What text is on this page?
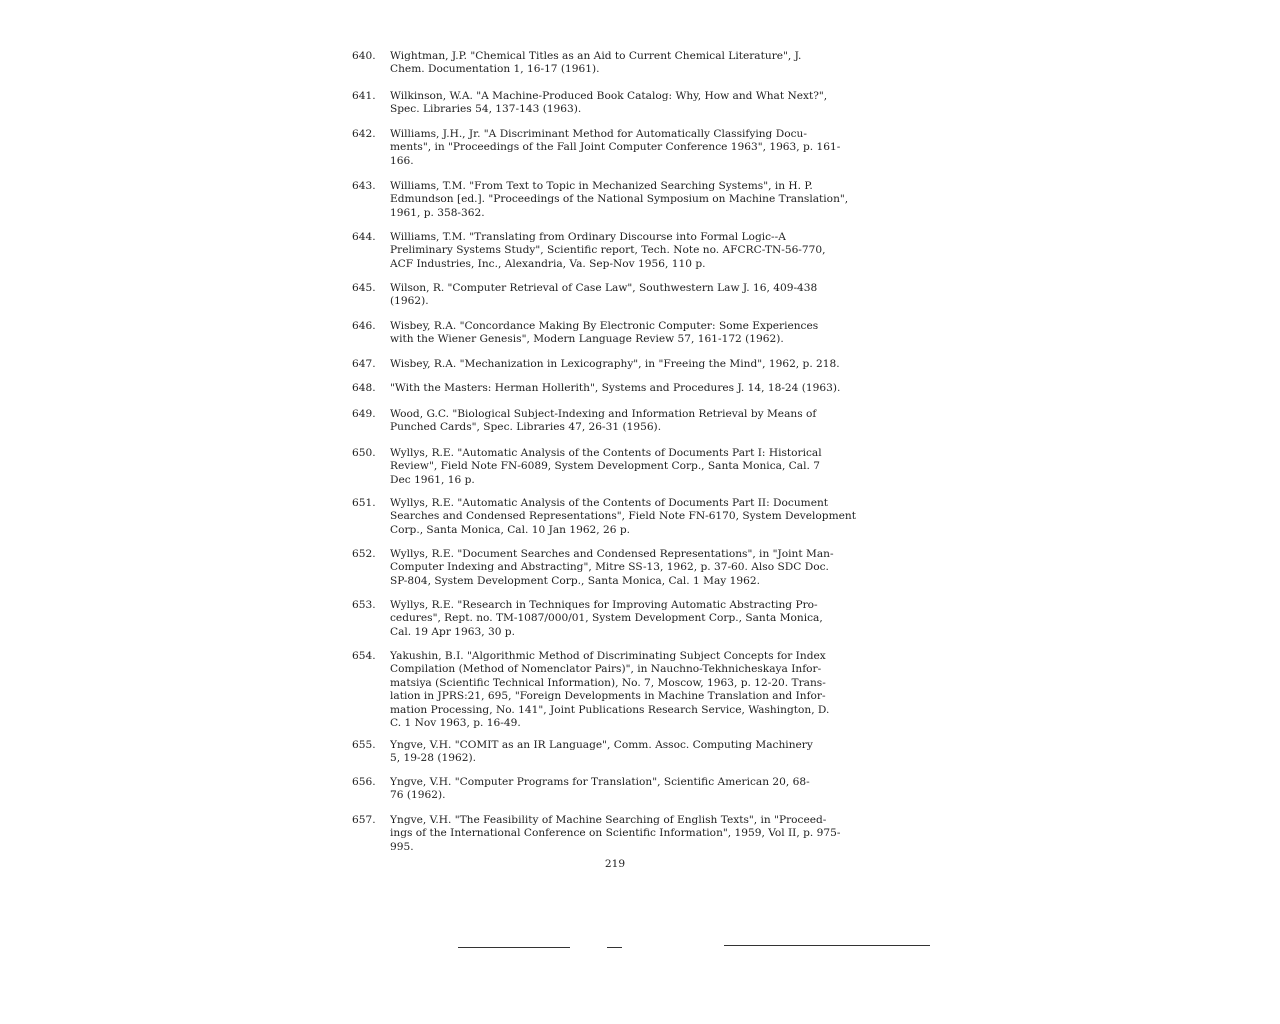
640.	Wightman, J.P. "Chemical Titles as an Aid to Current Chemical Literature", J.
Chem. Documentation 1, 16-17 (1961).
641.	Wilkinson, W.A. "A Machine-Produced Book Catalog: Why, How and What Next?",
Spec. Libraries 54, 137-143 (1963).
642.	Williams, J.H., Jr. "A Discriminant Method for Automatically Classifying Docu-
ments", in "Proceedings of the Fall Joint Computer Conference 1963", 1963, p. 161-
166.
643.	Williams, T.M. "From Text to Topic in Mechanized Searching Systems", in H. P.
Edmundson [ed.]. "Proceedings of the National Symposium on Machine Translation",
1961, p. 358-362.
644.	Williams, T.M. "Translating from Ordinary Discourse into Formal Logic--A
Preliminary Systems Study", Scientific report, Tech. Note no. AFCRC-TN-56-770,
ACF Industries, Inc., Alexandria, Va. Sep-Nov 1956, 110 p.
645.	Wilson, R. "Computer Retrieval of Case Law", Southwestern Law J. 16, 409-438
(1962).
646.	Wisbey, R.A. "Concordance Making By Electronic Computer: Some Experiences
with the Wiener Genesis", Modern Language Review 57, 161-172 (1962).
647.	Wisbey, R.A. "Mechanization in Lexicography", in "Freeing the Mind", 1962, p. 218.
648.	"With the Masters: Herman Hollerith", Systems and Procedures J. 14, 18-24 (1963).
649.	Wood, G.C. "Biological Subject-Indexing and Information Retrieval by Means of
Punched Cards", Spec. Libraries 47, 26-31 (1956).
650.	Wyllys, R.E. "Automatic Analysis of the Contents of Documents Part I: Historical
Review", Field Note FN-6089, System Development Corp., Santa Monica, Cal. 7
Dec 1961, 16 p.
651.	Wyllys, R.E. "Automatic Analysis of the Contents of Documents Part II: Document
Searches and Condensed Representations", Field Note FN-6170, System Development
Corp., Santa Monica, Cal. 10 Jan 1962, 26 p.
652.	Wyllys, R.E. "Document Searches and Condensed Representations", in "Joint Man-
Computer Indexing and Abstracting", Mitre SS-13, 1962, p. 37-60. Also SDC Doc.
SP-804, System Development Corp., Santa Monica, Cal. 1 May 1962.
653.	Wyllys, R.E. "Research in Techniques for Improving Automatic Abstracting Pro-
cedures", Rept. no. TM-1087/000/01, System Development Corp., Santa Monica,
Cal. 19 Apr 1963, 30 p.
654.	Yakushin, B.I. "Algorithmic Method of Discriminating Subject Concepts for Index
Compilation (Method of Nomenclator Pairs)", in Nauchno-Tekhnicheskaya Infor-
matsiya (Scientific Technical Information), No. 7, Moscow, 1963, p. 12-20. Trans-
lation in JPRS:21, 695, "Foreign Developments in Machine Translation and Infor-
mation Processing, No. 141", Joint Publications Research Service, Washington, D.
C. 1 Nov 1963, p. 16-49.
655.	Yngve, V.H. "COMIT as an IR Language", Comm. Assoc. Computing Machinery
5, 19-28 (1962).
656.	Yngve, V.H. "Computer Programs for Translation", Scientific American 20, 68-
76 (1962).
657.	Yngve, V.H. "The Feasibility of Machine Searching of English Texts", in "Proceed-
ings of the International Conference on Scientific Information", 1959, Vol II, p. 975-
995.
219
